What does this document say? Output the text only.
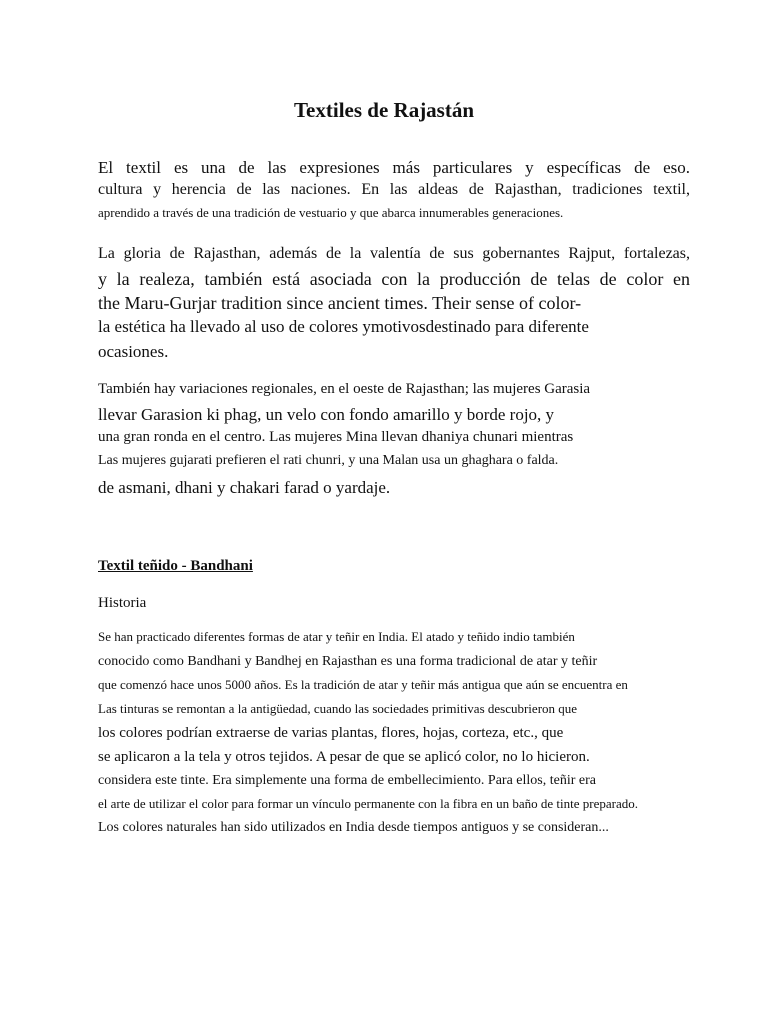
Textiles de Rajastán
El textil es una de las expresiones más particulares y específicas de eso.
cultura y herencia de las naciones. En las aldeas de Rajasthan, tradiciones textil,
aprendido a través de una tradición de vestuario y que abarca innumerables generaciones.
La gloria de Rajasthan, además de la valentía de sus gobernantes Rajput, fortalezas,
y la realeza, también está asociada con la producción de telas de color en
the Maru-Gurjar tradition since ancient times. Their sense of color-
la estética ha llevado al uso de colores ymotivosdestinado para diferente
ocasiones.
También hay variaciones regionales, en el oeste de Rajasthan; las mujeres Garasia
llevar Garasion ki phag, un velo con fondo amarillo y borde rojo, y
una gran ronda en el centro. Las mujeres Mina llevan dhaniya chunari mientras
Las mujeres gujarati prefieren el rati chunri, y una Malan usa un ghaghara o falda.
de asmani, dhani y chakari farad o yardaje.
Textil teñido - Bandhani
Historia
Se han practicado diferentes formas de atar y teñir en India. El atado y teñido indio también
conocido como Bandhani y Bandhej en Rajasthan es una forma tradicional de atar y teñir
que comenzó hace unos 5000 años. Es la tradición de atar y teñir más antigua que aún se encuentra en
Las tinturas se remontan a la antigüedad, cuando las sociedades primitivas descubrieron que
los colores podrían extraerse de varias plantas, flores, hojas, corteza, etc., que
se aplicaron a la tela y otros tejidos. A pesar de que se aplicó color, no lo hicieron.
considera este tinte. Era simplemente una forma de embellecimiento. Para ellos, teñir era
el arte de utilizar el color para formar un vínculo permanente con la fibra en un baño de tinte preparado.
Los colores naturales han sido utilizados en India desde tiempos antiguos y se consideran...
